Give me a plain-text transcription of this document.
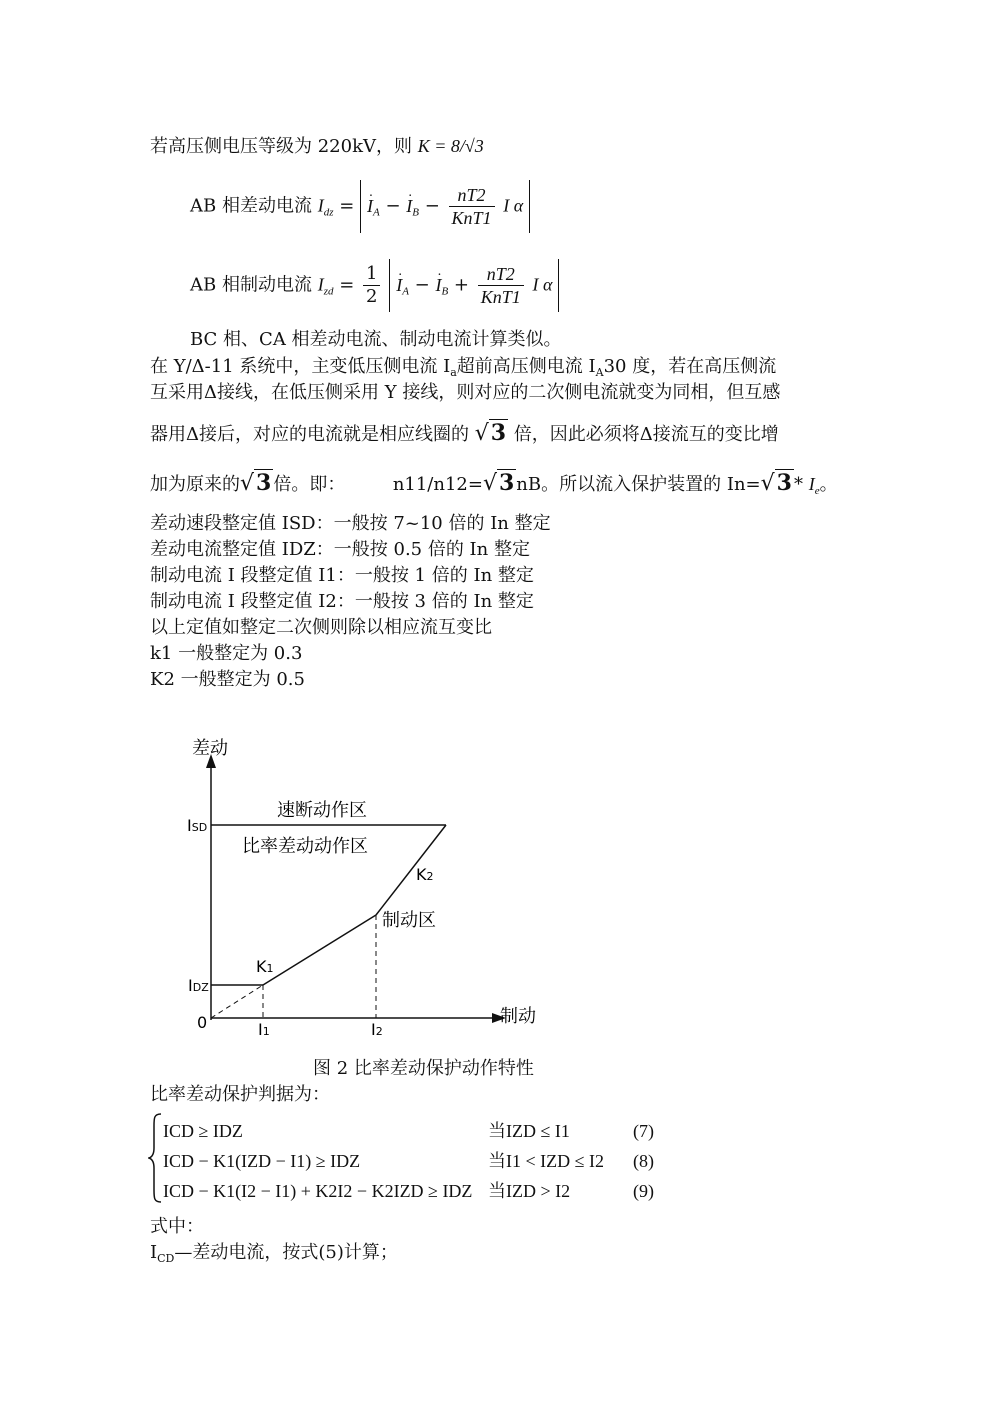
若高压侧电压等级为 220kV，则 K = 8/√3
AB 相差动电流 $I_{dz}$ = · $I_A$ − · $I_B - \frac{nT2}{\text{KnT1}}$ I α
AB 相制动电流 $I_{zd} = \frac{1}{2} \cdot I_A$ − · $I_B + \frac{nT2}{\text{KnT1}}$ I α
BC 相、CA 相差动电流、制动电流计算类似。
在 Y/Δ-11 系统中，主变低压侧电流 $I_a$超前高压侧电流 $I_A30$ 度，若在高压侧流
互采用Δ接线，在低压侧采用 Y 接线，则对应的二次侧电流就变为同相，但互感
器用Δ接后，对应的电流就是相应线圈的 √3 倍，因此必须将Δ接流互的变比增
加为原来的√3 倍。即：	n11/n12=√3 nB。所以流入保护装置的 $In=√3 * I_e$。
差动速段整定值 ISD：一般按 7~10 倍的 In 整定
差动电流整定值 IDZ：一般按 0.5 倍的 In 整定
制动电流 I 段整定值 I1：一般按 1 倍的 In 整定
制动电流 I 段整定值 I2：一般按 3 倍的 In 整定
以上定值如整定二次侧则除以相应流互变比
k1 一般整定为 0.3
K2 一般整定为 0.5
差动
制动
0
ISD
IDZ
I1	I2
K1
K2
速断动作区
比率差动动作区
制动区
图 2 比率差动保护动作特性
比率差动保护判据为：
ICD ≥ IDZ
ICD − K1(IZD − I1) ≥ IDZ
ICD − K1(I2 − I1) + K2I2 − K2IZD ≥ IDZ
当IZD ≤ I1
当I1 < IZD ≤ I2
当IZD > I2
(7)
(8)
(9)
式中：
$I_{CD}—$差动电流，按式(5)计算；
